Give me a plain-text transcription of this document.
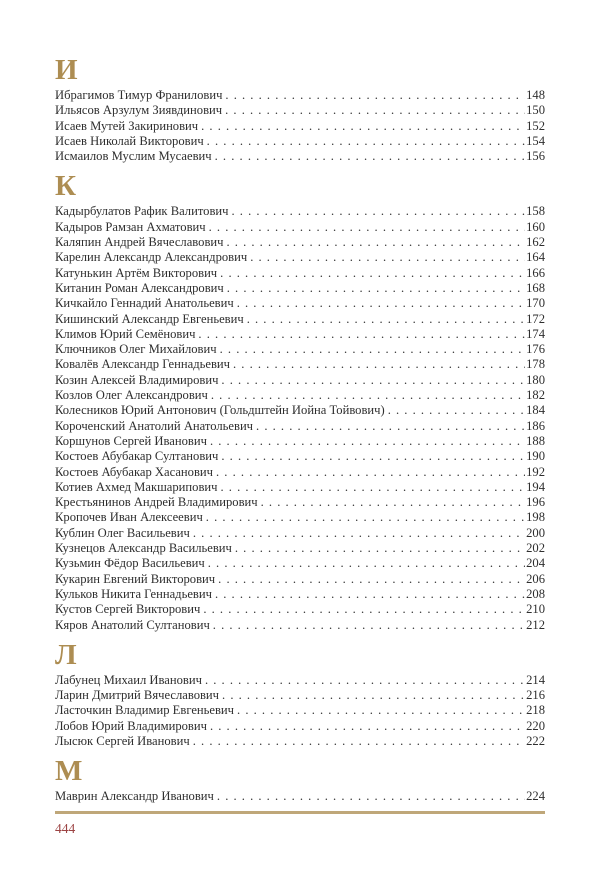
И
Ибрагимов Тимур Франилович . . .	148
Ильясов Арзулум Зиявдинович . . .	150
Исаев Мутей Закиринович . . .	152
Исаев Николай Викторович . . .	154
Исмаилов Муслим Мусаевич . . .	156
К
Кадырбулатов Рафик Валитович . . .	158
Кадыров Рамзан Ахматович . . .	160
Каляпин Андрей Вячеславович . . .	162
Карелин Александр Александрович . . .	164
Катунькин Артём Викторович . . .	166
Китанин Роман Александрович . . .	168
Кичкайло Геннадий Анатольевич . . .	170
Кишинский Александр Евгеньевич . . .	172
Климов Юрий Семёнович . . .	174
Ключников Олег Михайлович . . .	176
Ковалёв Александр Геннадьевич . . .	178
Козин Алексей Владимирович . . .	180
Козлов Олег Александрович . . .	182
Колесников Юрий Антонович (Гольдштейн Иойна Тойвович) . . .	184
Короченский Анатолий Анатольевич . . .	186
Коршунов Сергей Иванович . . .	188
Костоев Абубакар Султанович . . .	190
Костоев Абубакар Хасанович . . .	192
Котиев Ахмед Макшарипович . . .	194
Крестьянинов Андрей Владимирович . . .	196
Кропочев Иван Алексеевич . . .	198
Кублин Олег Васильевич . . .	200
Кузнецов Александр Васильевич . . .	202
Кузьмин Фёдор Васильевич . . .	204
Кукарин Евгений Викторович . . .	206
Кульков Никита Геннадьевич . . .	208
Кустов Сергей Викторович . . .	210
Кяров Анатолий Султанович . . .	212
Л
Лабунец Михаил Иванович . . .	214
Ларин Дмитрий Вячеславович . . .	216
Ласточкин Владимир Евгеньевич . . .	218
Лобов Юрий Владимирович . . .	220
Лысюк Сергей Иванович . . .	222
М
Маврин Александр Иванович . . .	224
444
